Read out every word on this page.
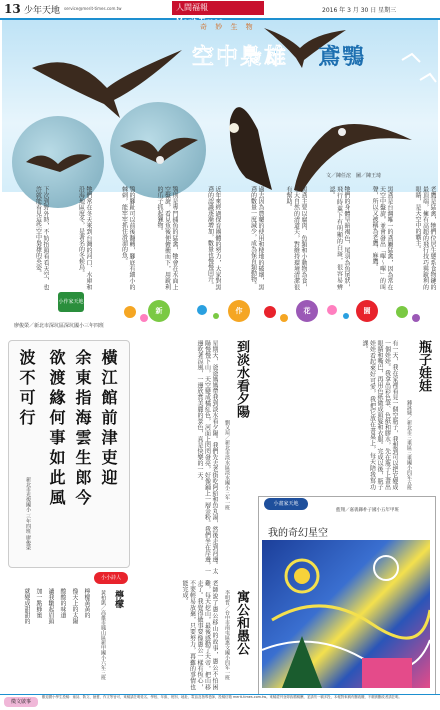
13 少年天地 service@merit-times.com.tw	人間福報	2016 年 3 月 30 日 星期三
奇 妙 生 物
空中梟雄 鳶鶚
文／陳任浤　圖／陳王琦
老鷹是猛禽，牠們位居生態系食物鏈的最頂端，擁有高超的飛行技巧與銳利的眼睛，是天空中的霸主。
黑鳶是台灣唯一的鳶屬猛禽，因為常在天空中盤旋，並會發出「嗶～嗶」的叫聲，所以又被稱為老鷹、麻鷹。
牠們的身體呈暗褐色，尾羽為魚尾狀，飛行時翼下有明顯的白斑，很容易辨認。
黑鳶主要以腐肉、魚類和小動物為食，是大自然的清道夫，對維持環境清潔很有幫助。
過去因為農藥的使用和棲地的破壞，黑鳶的數量一度減少，成為保育類動物。
近年來經過保育團體的努力，大家對黑鳶的認識逐漸增加，數量也慢慢回升。
鶚則是專門捕魚的猛禽，牠會在水面上空盤旋，看見魚後便俯衝而下，用銳利的爪子抓起獵物。
鶚的腳趾可以前後翻轉，腳底有細小的棘刺，能牢牢抓住滑溜的魚。
牠們常在冬天來到台灣的河口、水庫和沿海地區度冬，是著名的冬候鳥。
下次到野外時，不妨抬頭看看天空，也許就能看見這些空中梟雄的英姿。
小作家天地
新	作	花	園
廖俊榮／新北市深坑區深坑國小三年四班
橫江館前津吏迎
余東指海雲生郎今
欲渡緣何事如此風
波不可行
新北市光復國小 三年四班 廖俊榮
小小詩人
檸檬
黃柏凱／高雄市鳳山區新甲國小六年三班
檸檬黃黃的
像天上的太陽
酸酸的味道
讓我皺起眉頭
加一點蜂蜜
就變成甜甜的
瓶子娃娃
鍾詠婕／新北市三重區三重國小四年五班
有一天，我在家裡看見一個空瓶子，我想到可以把它變成一個娃娃。我拿出彩色筆、色紙和膠水，先在瓶子上畫出眼睛和嘴巴，再用色紙做成頭髮和衣服。完成以後，瓶子娃娃看起來好可愛，我把它放在書桌上，每天陪我寫功課。
到淡水看夕陽
劉又瑄／新北市淡水區淡水國小三年一班
星期天，爸爸媽媽帶我到淡水看夕陽。我們先去老街吃阿給和魚丸湯，然後走到河邊。太陽慢慢下山，天空變成橘紅色，河面上閃閃發亮，好像鋪上一層金粉。我們坐在岸邊，一邊吹著涼風，一邊欣賞美麗的景色，真是快樂的一天。
寓公和愚公
李明哲／台中市南屯區惠文國小四年一班
老師說了愚公移山的故事，愚公不怕困難，每天挖山，最後感動了天帝，把山移走了。我覺得做事要像愚公一樣有恆心，不要輕易放棄，只要努力，再難的事情也能完成。
小畫家天地
藍翔／嘉義縣朴子國小五年甲班
我的奇幻星空
徵文啟事
歡迎國小學生投稿：童詩、散文、繪畫、作文等皆可，來稿請註明姓名、學校、年級、班別、地址、電話及指導老師，投稿信箱 merit-times.com.tw。來稿經刊登即致贈稿酬，並請勿一稿多投，本報對來稿有刪改權，不願被刪改者請註明。
